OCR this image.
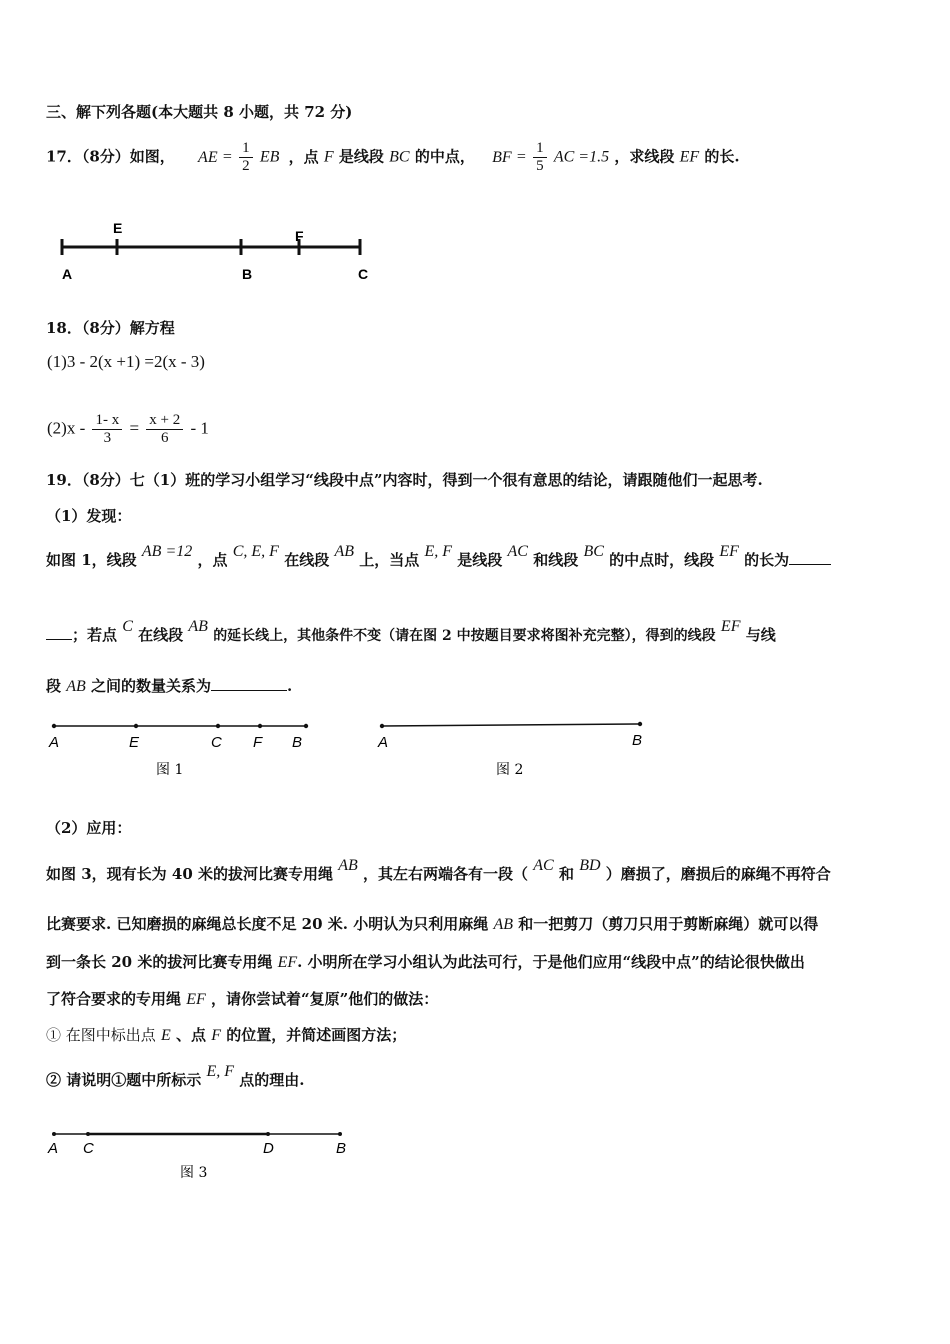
三、解下列各题(本大题共 8 小题，共 72 分)
17．（8分）如图， AE = $\frac{1}{2}$ EB ，点 F 是线段 BC 的中点， BF = $\frac{1}{5}$ AC =1.5 ，求线段 EF 的长.
A
E
B
F
C
18．（8分）解方程
(1)3 - 2(x +1) =2(x - 3)
$(2)x - \frac{1- x}{3} = \frac{x + 2}{6} - 1$
19．（8分）七（1）班的学习小组学习“线段中点”内容时，得到一个很有意思的结论，请跟随他们一起思考.
（1）发现：
如图 1，线段 AB =12 ，点 C, E, F 在线段 AB 上，当点 E, F 是线段 AC 和线段 BC 的中点时，线段 EF 的长为
；若点 C 在线段 AB 的延长线上，其他条件不变（请在图 2 中按题目要求将图补充完整），得到的线段 EF 与线
段 AB 之间的数量关系为	.
A	E	C F B
图 1
A	B
图 2
（2）应用：
如图 3，现有长为 40 米的拔河比赛专用绳 AB ，其左右两端各有一段（ AC 和 BD ）磨损了，磨损后的麻绳不再符合
比赛要求. 已知磨损的麻绳总长度不足 20 米. 小明认为只利用麻绳 AB 和一把剪刀（剪刀只用于剪断麻绳）就可以得
到一条长 20 米的拔河比赛专用绳 EF. 小明所在学习小组认为此法可行，于是他们应用“线段中点”的结论很快做出
了符合要求的专用绳 EF ，请你尝试着“复原”他们的做法：
① 在图中标出点 E 、点 F 的位置，并简述画图方法；
② 请说明①题中所标示 E, F 点的理由.
A C	D	B
图 3
